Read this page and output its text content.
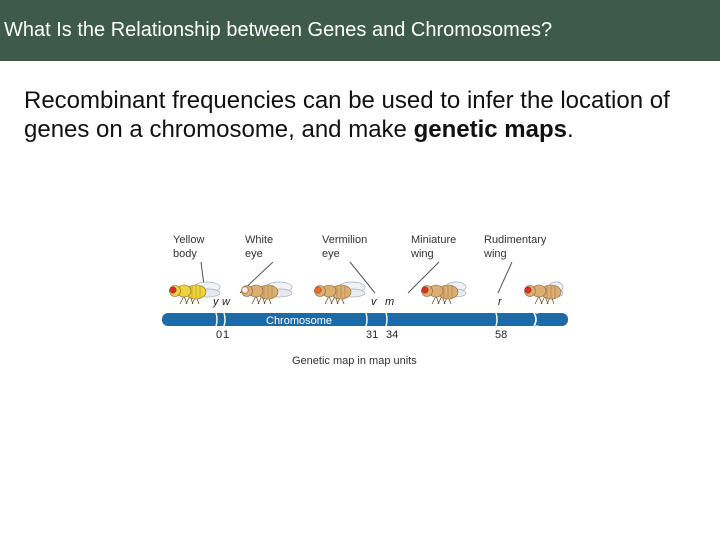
What Is the Relationship between Genes and Chromosomes?
Recombinant frequencies can be used to infer the location of genes on a chromosome, and make genetic maps.
Chromosome
Genetic map in map units
Yellow
body
y
0
White
eye
w
1
Vermilion
eye
v
31
Miniature
wing
m
34
Rudimentary
wing
r
58
